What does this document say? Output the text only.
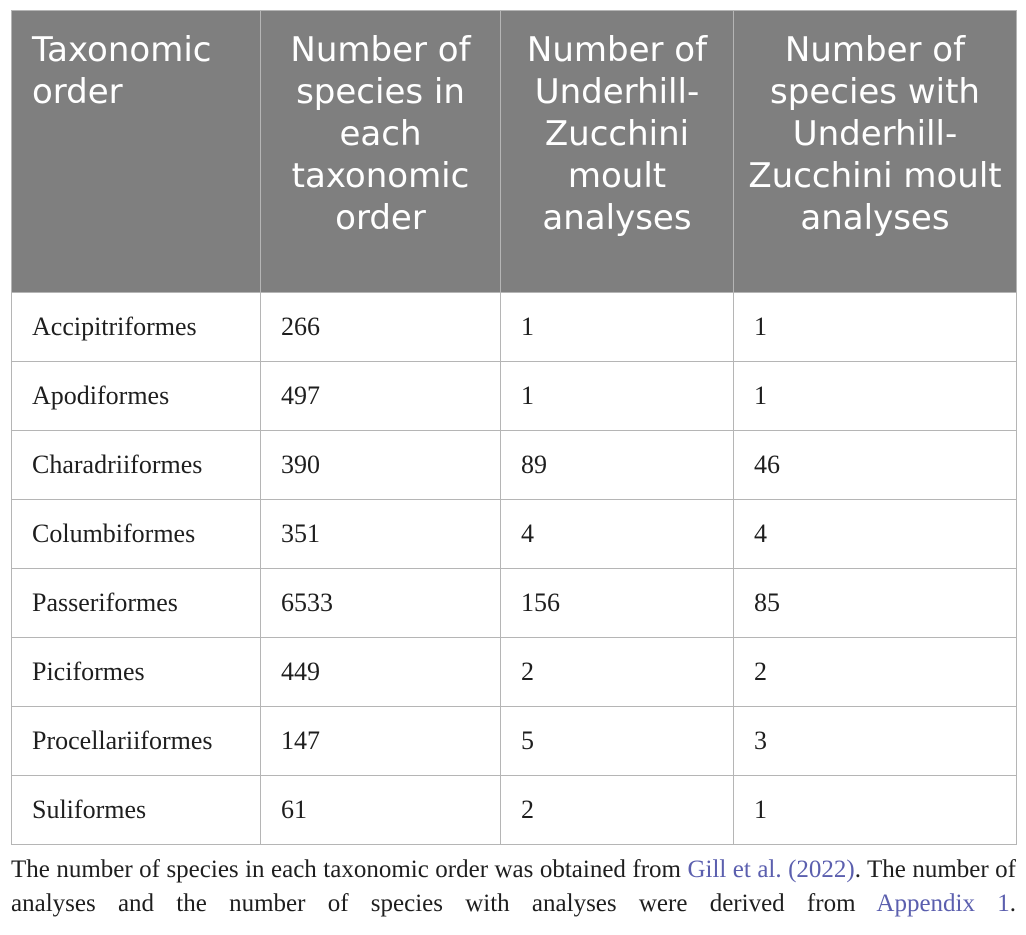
Taxonomic order	Number of species in each taxonomic order	Number of Underhill-Zucchini moult analyses	Number of species with Underhill-Zucchini moult analyses
Accipitriformes	266	1	1
Apodiformes	497	1	1
Charadriiformes	390	89	46
Columbiformes	351	4	4
Passeriformes	6533	156	85
Piciformes	449	2	2
Procellariiformes	147	5	3
Suliformes	61	2	1
The number of species in each taxonomic order was obtained from Gill et al. (2022). The number of analyses and the number of species with analyses were derived from Appendix 1.
